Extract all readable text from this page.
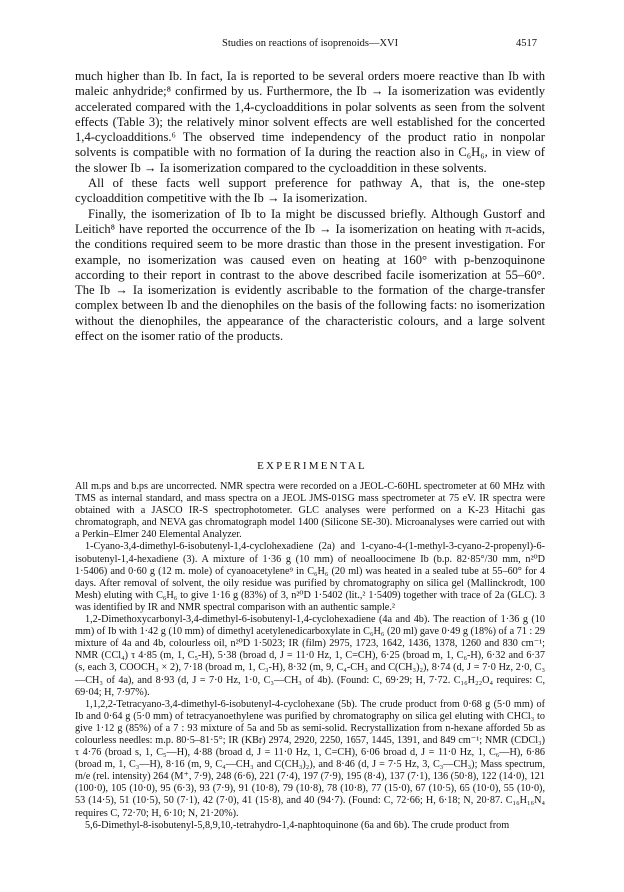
Studies on reactions of isoprenoids—XVI	4517

much higher than Ib. In fact, Ia is reported to be several orders moere reactive than Ib with maleic anhydride;⁸ confirmed by us. Furthermore, the Ib → Ia isomerization was evidently accelerated compared with the 1,4-cycloadditions in polar solvents as seen from the solvent effects (Table 3); the relatively minor solvent effects are well established for the concerted 1,4-cycloadditions.⁶ The observed time independency of the product ratio in nonpolar solvents is compatible with no formation of Ia during the reaction also in C₆H₆, in view of the slower Ib → Ia isomerization compared to the cycloaddition in these solvents.

All of these facts well support preference for pathway A, that is, the one-step cycloaddition competitive with the Ib → Ia isomerization.

Finally, the isomerization of Ib to Ia might be discussed briefly. Although Gustorf and Leitich⁸ have reported the occurrence of the Ib → Ia isomerization on heating with π-acids, the conditions required seem to be more drastic than those in the present investigation. For example, no isomerization was caused even on heating at 160° with p-benzoquinone according to their report in contrast to the above described facile isomerization at 55–60°. The Ib → Ia isomerization is evidently ascribable to the formation of the charge-transfer complex between Ib and the dienophiles on the basis of the following facts: no isomerization without the dienophiles, the appearance of the characteristic colours, and a large solvent effect on the isomer ratio of the products.

EXPERIMENTAL

All m.ps and b.ps are uncorrected. NMR spectra were recorded on a JEOL-C-60HL spectrometer at 60 MHz with TMS as internal standard, and mass spectra on a JEOL JMS-01SG mass spectrometer at 75 eV. IR spectra were obtained with a JASCO IR-S spectrophotometer. GLC analyses were performed on a K-23 Hitachi gas chromatograph, and NEVA gas chromatograph model 1400 (Silicone SE-30). Microanalyses were carried out with a Perkin–Elmer 240 Elemental Analyzer.

1-Cyano-3,4-dimethyl-6-isobutenyl-1,4-cyclohexadiene (2a) and 1-cyano-4-(1-methyl-3-cyano-2-propenyl)-6-isobutenyl-1,4-hexadiene (3). A mixture of 1·36 g (10 mm) of neoalloocimene Ib (b.p. 82·85°/30 mm, n²⁰D 1·5406) and 0·60 g (12 m. mole) of cyanoacetylene⁹ in C₆H₆ (20 ml) was heated in a sealed tube at 55–60° for 4 days. After removal of solvent, the oily residue was purified by chromatography on silica gel (Mallinckrodt, 100 Mesh) eluting with C₆H₆ to give 1·16 g (83%) of 3, n²⁰D 1·5402 (lit.,² 1·5409) together with trace of 2a (GLC). 3 was identified by IR and NMR spectral comparison with an authentic sample.²

1,2-Dimethoxycarbonyl-3,4-dimethyl-6-isobutenyl-1,4-cyclohexadiene (4a and 4b). The reaction of 1·36 g (10 mm) of Ib with 1·42 g (10 mm) of dimethyl acetylenedicarboxylate in C₆H₆ (20 ml) gave 0·49 g (18%) of a 71 : 29 mixture of 4a and 4b, colourless oil, n²⁰D 1·5023; IR (film) 2975, 1723, 1642, 1436, 1378, 1260 and 830 cm⁻¹; NMR (CCl₄) τ 4·85 (m, 1, C₅-H), 5·38 (broad d, J = 11·0 Hz, 1, C=CH), 6·25 (broad m, 1, C₆-H), 6·32 and 6·37 (s, each 3, COOCH₃ × 2), 7·18 (broad m, 1, C₃-H), 8·32 (m, 9, C₄-CH₃ and C(CH₃)₂), 8·74 (d, J = 7·0 Hz, 2·0, C₃—CH₃ of 4a), and 8·93 (d, J = 7·0 Hz, 1·0, C₃—CH₃ of 4b). (Found: C, 69·29; H, 7·72. C₁₆H₂₂O₄ requires: C, 69·04; H, 7·97%).

1,1,2,2-Tetracyano-3,4-dimethyl-6-isobutenyl-4-cyclohexane (5b). The crude product from 0·68 g (5·0 mm) of Ib and 0·64 g (5·0 mm) of tetracyanoethylene was purified by chromatography on silica gel eluting with CHCl₃ to give 1·12 g (85%) of a 7 : 93 mixture of 5a and 5b as semi-solid. Recrystallization from n-hexane afforded 5b as colourless needles: m.p. 80·5–81·5°; IR (KBr) 2974, 2920, 2250, 1657, 1445, 1391, and 849 cm⁻¹; NMR (CDCl₃) τ 4·76 (broad s, 1, C₅—H), 4·88 (broad d, J = 11·0 Hz, 1, C=CH), 6·06 broad d, J = 11·0 Hz, 1, C₆—H), 6·86 (broad m, 1, C₃—H), 8·16 (m, 9, C₄—CH₃ and C(CH₃)₂), and 8·46 (d, J = 7·5 Hz, 3, C₃—CH₃); Mass spectrum, m/e (rel. intensity) 264 (M⁺, 7·9), 248 (6·6), 221 (7·4), 197 (7·9), 195 (8·4), 137 (7·1), 136 (50·8), 122 (14·0), 121 (100·0), 105 (10·0), 95 (6·3), 93 (7·9), 91 (10·8), 79 (10·8), 78 (10·8), 77 (15·0), 67 (10·5), 65 (10·0), 55 (10·0), 53 (14·5), 51 (10·5), 50 (7·1), 42 (7·0), 41 (15·8), and 40 (94·7). (Found: C, 72·66; H, 6·18; N, 20·87. C₁₆H₁₆N₄ requires C, 72·70; H, 6·10; N, 21·20%).

5,6-Dimethyl-8-isobutenyl-5,8,9,10,-tetrahydro-1,4-naphtoquinone (6a and 6b). The crude product from
